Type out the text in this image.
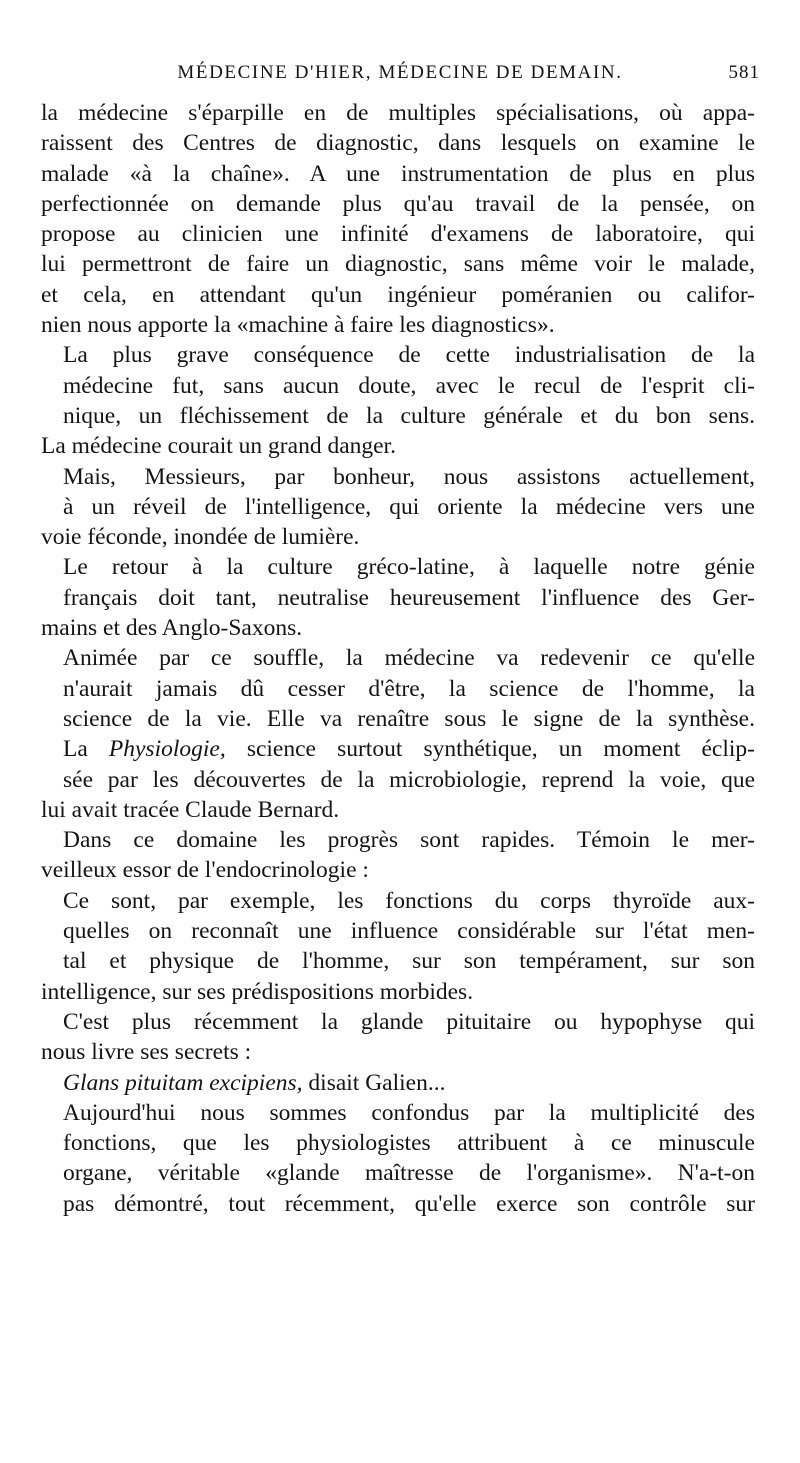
MÉDECINE D'HIER, MÉDECINE DE DEMAIN.	581

la médecine s'éparpille en de multiples spécialisations, où appa-
raissent des Centres de diagnostic, dans lesquels on examine le
malade «à la chaîne». A une instrumentation de plus en plus
perfectionnée on demande plus qu'au travail de la pensée, on
propose au clinicien une infinité d'examens de laboratoire, qui
lui permettront de faire un diagnostic, sans même voir le malade,
et cela, en attendant qu'un ingénieur poméranien ou califor-

nien nous apporte la «machine à faire les diagnostics».

La plus grave conséquence de cette industrialisation de la
médecine fut, sans aucun doute, avec le recul de l'esprit cli-
nique, un fléchissement de la culture générale et du bon sens.

La médecine courait un grand danger.

Mais, Messieurs, par bonheur, nous assistons actuellement,
à un réveil de l'intelligence, qui oriente la médecine vers une

voie féconde, inondée de lumière.

Le retour à la culture gréco-latine, à laquelle notre génie
français doit tant, neutralise heureusement l'influence des Ger-

mains et des Anglo-Saxons.

Animée par ce souffle, la médecine va redevenir ce qu'elle
n'aurait jamais dû cesser d'être, la science de l'homme, la
science de la vie. Elle va renaître sous le signe de la synthèse.

La Physiologie, science surtout synthétique, un moment éclip-
sée par les découvertes de la microbiologie, reprend la voie, que

lui avait tracée Claude Bernard.

Dans ce domaine les progrès sont rapides. Témoin le mer-

veilleux essor de l'endocrinologie :

Ce sont, par exemple, les fonctions du corps thyroïde aux-
quelles on reconnaît une influence considérable sur l'état men-
tal et physique de l'homme, sur son tempérament, sur son

intelligence, sur ses prédispositions morbides.

C'est plus récemment la glande pituitaire ou hypophyse qui

nous livre ses secrets :

Glans pituitam excipiens, disait Galien...

Aujourd'hui nous sommes confondus par la multiplicité des
fonctions, que les physiologistes attribuent à ce minuscule
organe, véritable «glande maîtresse de l'organisme». N'a-t-on
pas démontré, tout récemment, qu'elle exerce son contrôle sur
